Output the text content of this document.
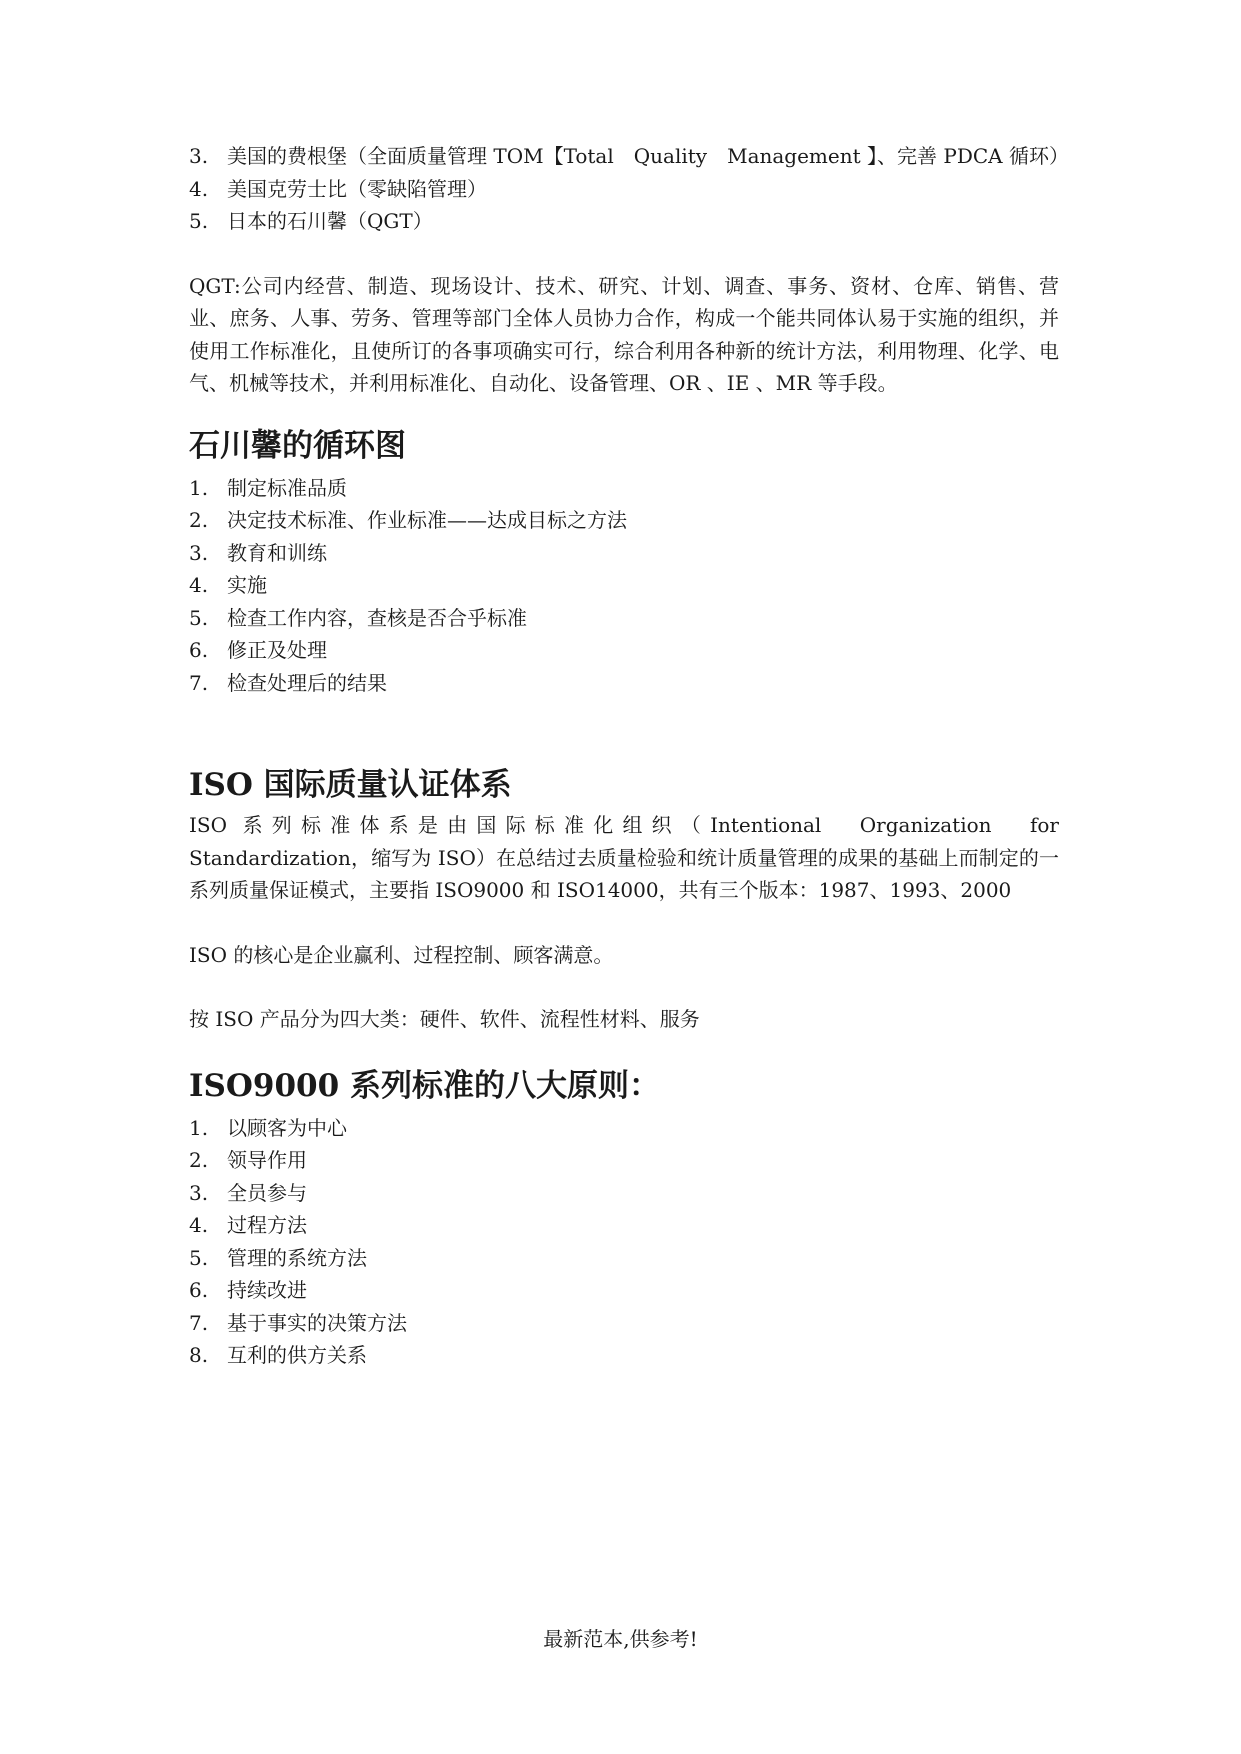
3. 美国的费根堡（全面质量管理 TOM【Total　Quality　Management 】、完善 PDCA 循环）
4. 美国克劳士比（零缺陷管理）
5. 日本的石川馨（QGT）

QGT:公司内经营、制造、现场设计、技术、研究、计划、调查、事务、资材、仓库、销售、营业、庶务、人事、劳务、管理等部门全体人员协力合作，构成一个能共同体认易于实施的组织，并使用工作标准化，且使所订的各事项确实可行，综合利用各种新的统计方法，利用物理、化学、电气、机械等技术，并利用标准化、自动化、设备管理、OR 、IE 、MR 等手段。

石川馨的循环图
1. 制定标准品质
2. 决定技术标准、作业标准——达成目标之方法
3. 教育和训练
4. 实施
5. 检查工作内容，查核是否合乎标准
6. 修正及处理
7. 检查处理后的结果
ISO 国际质量认证体系

ISO 系列标准体系是由国际标准化组织（Intentional　Organization　for　Standardization，缩写为 ISO）在总结过去质量检验和统计质量管理的成果的基础上而制定的一系列质量保证模式，主要指 ISO9000 和 ISO14000，共有三个版本：1987、1993、2000

ISO 的核心是企业赢利、过程控制、顾客满意。

按 ISO 产品分为四大类：硬件、软件、流程性材料、服务

ISO9000 系列标准的八大原则：
1. 以顾客为中心
2. 领导作用
3. 全员参与
4. 过程方法
5. 管理的系统方法
6. 持续改进
7. 基于事实的决策方法
8. 互利的供方关系
最新范本,供参考!
